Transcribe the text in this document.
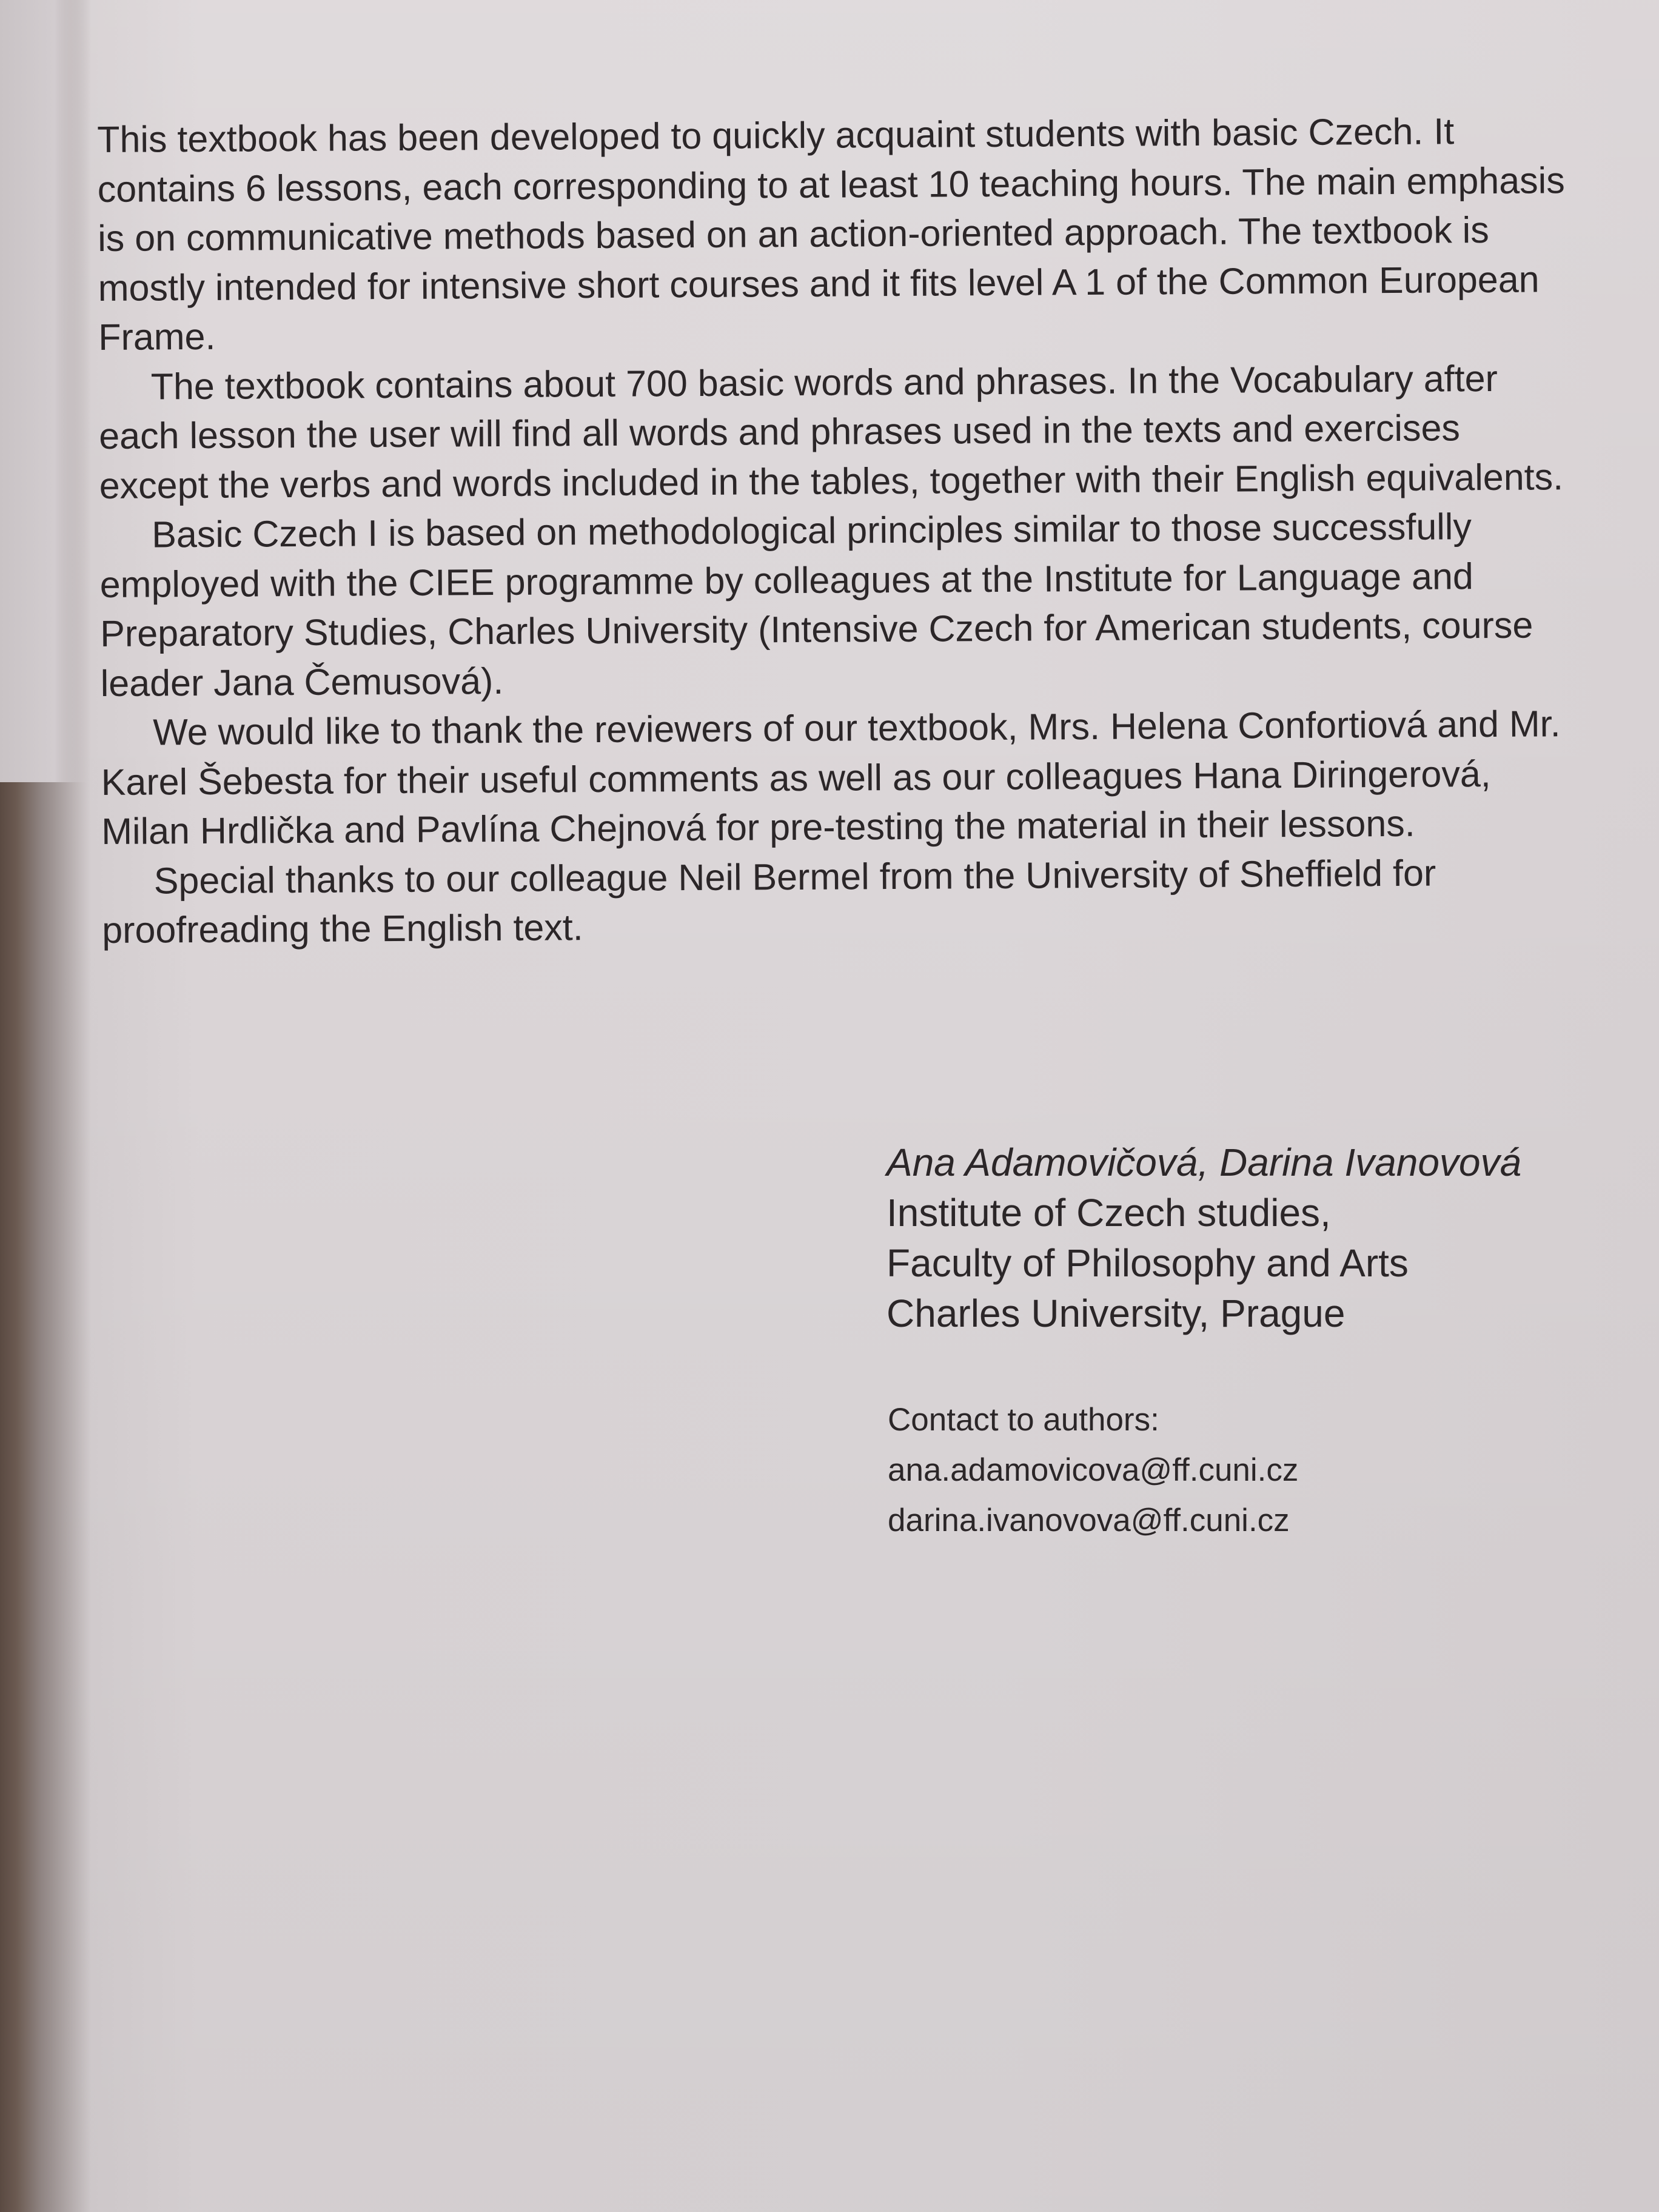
This textbook has been developed to quickly acquaint students with basic Czech. It contains 6 lessons, each corresponding to at least 10 teaching hours. The main emphasis is on communicative methods based on an action-oriented approach. The textbook is mostly intended for intensive short courses and it fits level A 1 of the Common European Frame.

The textbook contains about 700 basic words and phrases. In the Vocabulary after each lesson the user will find all words and phrases used in the texts and exercises except the verbs and words included in the tables, together with their English equivalents.

Basic Czech I is based on methodological principles similar to those successfully employed with the CIEE programme by colleagues at the Institute for Language and Preparatory Studies, Charles University (Intensive Czech for American students, course leader Jana Čemusová).

We would like to thank the reviewers of our textbook, Mrs. Helena Confortiová and Mr. Karel Šebesta for their useful comments as well as our colleagues Hana Diringerová, Milan Hrdlička and Pavlína Chejnová for pre-testing the material in their lessons.

Special thanks to our colleague Neil Bermel from the University of Sheffield for proofreading the English text.

Ana Adamovičová, Darina Ivanovová
Institute of Czech studies,
Faculty of Philosophy and Arts
Charles University, Prague
Contact to authors:
ana.adamovicova@ff.cuni.cz
darina.ivanovova@ff.cuni.cz
